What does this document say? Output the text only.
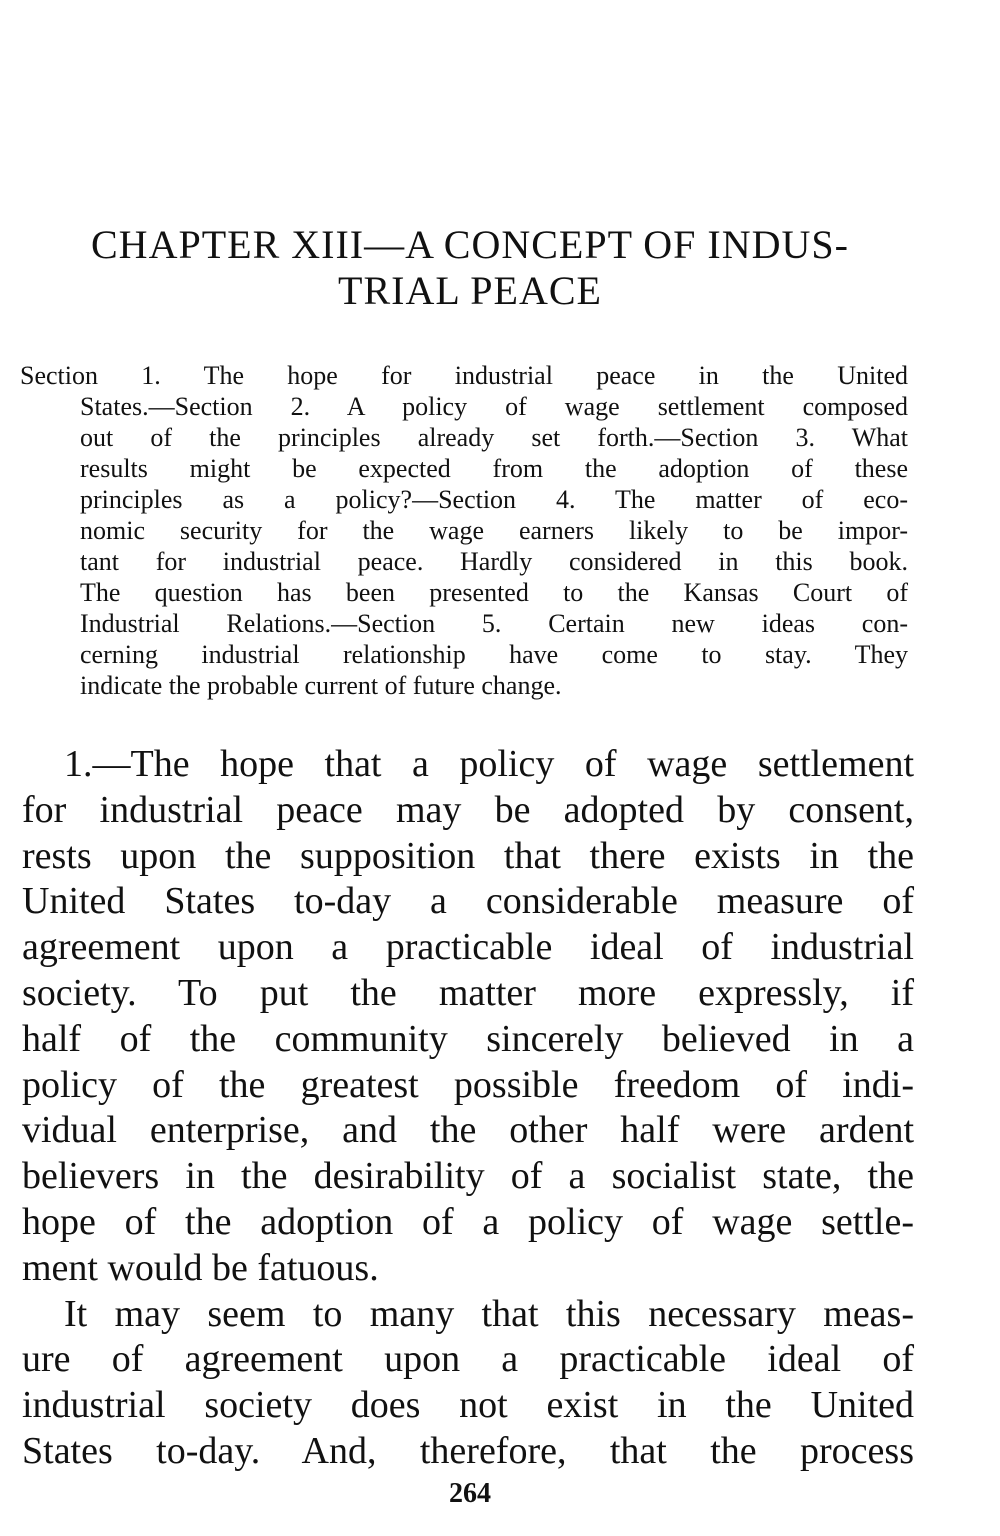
CHAPTER XIII—A CONCEPT OF INDUS-
TRIAL PEACE
Section 1. The hope for industrial peace in the United
States.—Section 2. A policy of wage settlement composed
out of the principles already set forth.—Section 3. What
results might be expected from the adoption of these
principles as a policy?—Section 4. The matter of eco-
nomic security for the wage earners likely to be impor-
tant for industrial peace. Hardly considered in this book.
The question has been presented to the Kansas Court of
Industrial Relations.—Section 5. Certain new ideas con-
cerning industrial relationship have come to stay. They
indicate the probable current of future change.
1.—The hope that a policy of wage settlement
for industrial peace may be adopted by consent,
rests upon the supposition that there exists in the
United States to-day a considerable measure of
agreement upon a practicable ideal of industrial
society. To put the matter more expressly, if
half of the community sincerely believed in a
policy of the greatest possible freedom of indi-
vidual enterprise, and the other half were ardent
believers in the desirability of a socialist state, the
hope of the adoption of a policy of wage settle-
ment would be fatuous.
It may seem to many that this necessary meas-
ure of agreement upon a practicable ideal of
industrial society does not exist in the United
States to-day. And, therefore, that the process
264
